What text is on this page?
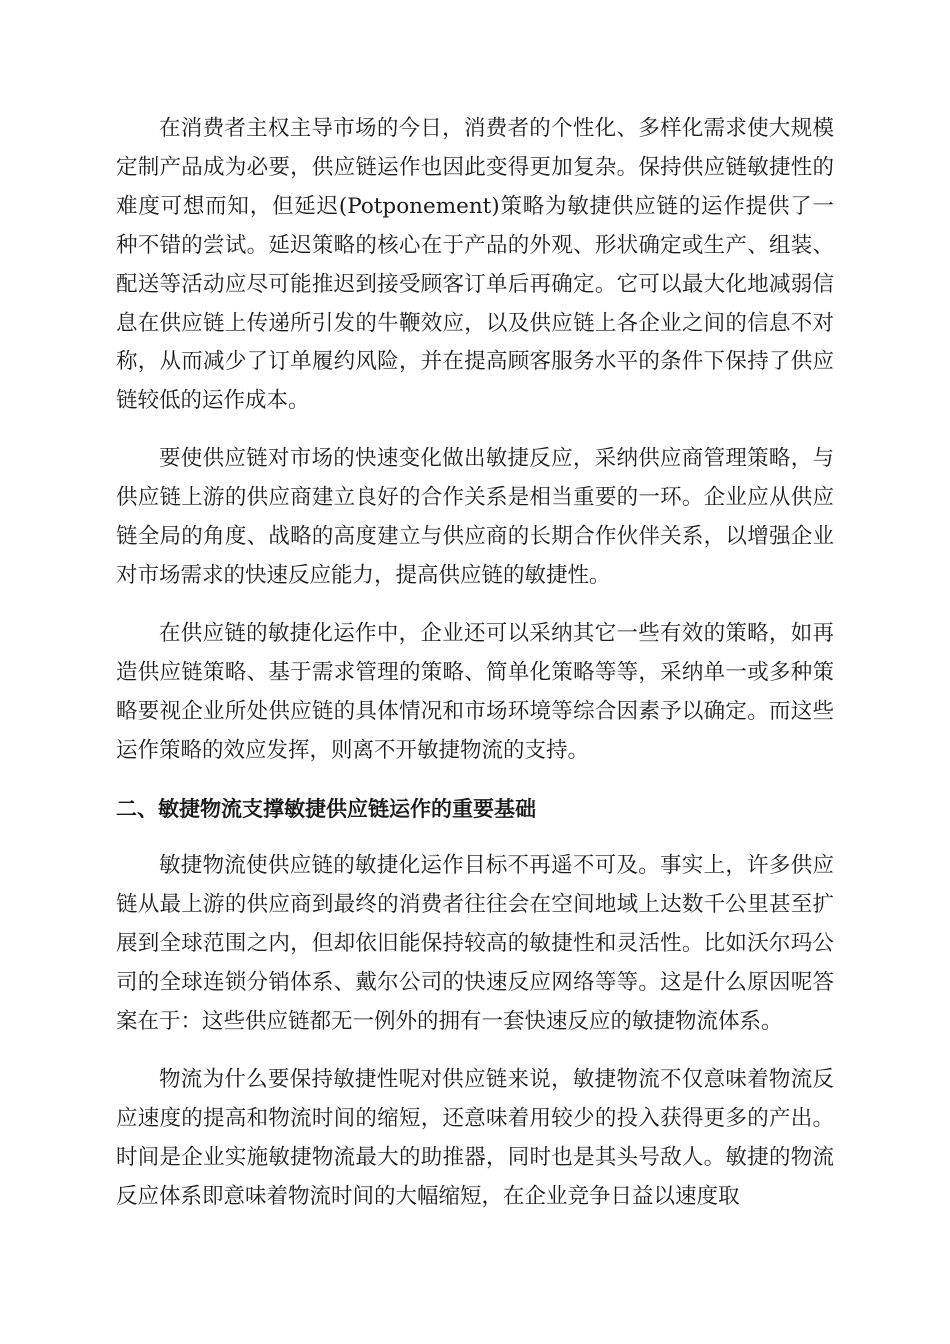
在消费者主权主导市场的今日，消费者的个性化、多样化需求使大规模定制产品成为必要，供应链运作也因此变得更加复杂。保持供应链敏捷性的难度可想而知，但延迟(Potponement)策略为敏捷供应链的运作提供了一种不错的尝试。延迟策略的核心在于产品的外观、形状确定或生产、组装、配送等活动应尽可能推迟到接受顾客订单后再确定。它可以最大化地减弱信息在供应链上传递所引发的牛鞭效应，以及供应链上各企业之间的信息不对称，从而减少了订单履约风险，并在提高顾客服务水平的条件下保持了供应链较低的运作成本。

要使供应链对市场的快速变化做出敏捷反应，采纳供应商管理策略，与供应链上游的供应商建立良好的合作关系是相当重要的一环。企业应从供应链全局的角度、战略的高度建立与供应商的长期合作伙伴关系，以增强企业对市场需求的快速反应能力，提高供应链的敏捷性。

在供应链的敏捷化运作中，企业还可以采纳其它一些有效的策略，如再造供应链策略、基于需求管理的策略、简单化策略等等，采纳单一或多种策略要视企业所处供应链的具体情况和市场环境等综合因素予以确定。而这些运作策略的效应发挥，则离不开敏捷物流的支持。

二、敏捷物流支撑敏捷供应链运作的重要基础

敏捷物流使供应链的敏捷化运作目标不再遥不可及。事实上，许多供应链从最上游的供应商到最终的消费者往往会在空间地域上达数千公里甚至扩展到全球范围之内，但却依旧能保持较高的敏捷性和灵活性。比如沃尔玛公司的全球连锁分销体系、戴尔公司的快速反应网络等等。这是什么原因呢答案在于：这些供应链都无一例外的拥有一套快速反应的敏捷物流体系。

物流为什么要保持敏捷性呢对供应链来说，敏捷物流不仅意味着物流反应速度的提高和物流时间的缩短，还意味着用较少的投入获得更多的产出。时间是企业实施敏捷物流最大的助推器，同时也是其头号敌人。敏捷的物流反应体系即意味着物流时间的大幅缩短，在企业竞争日益以速度取
